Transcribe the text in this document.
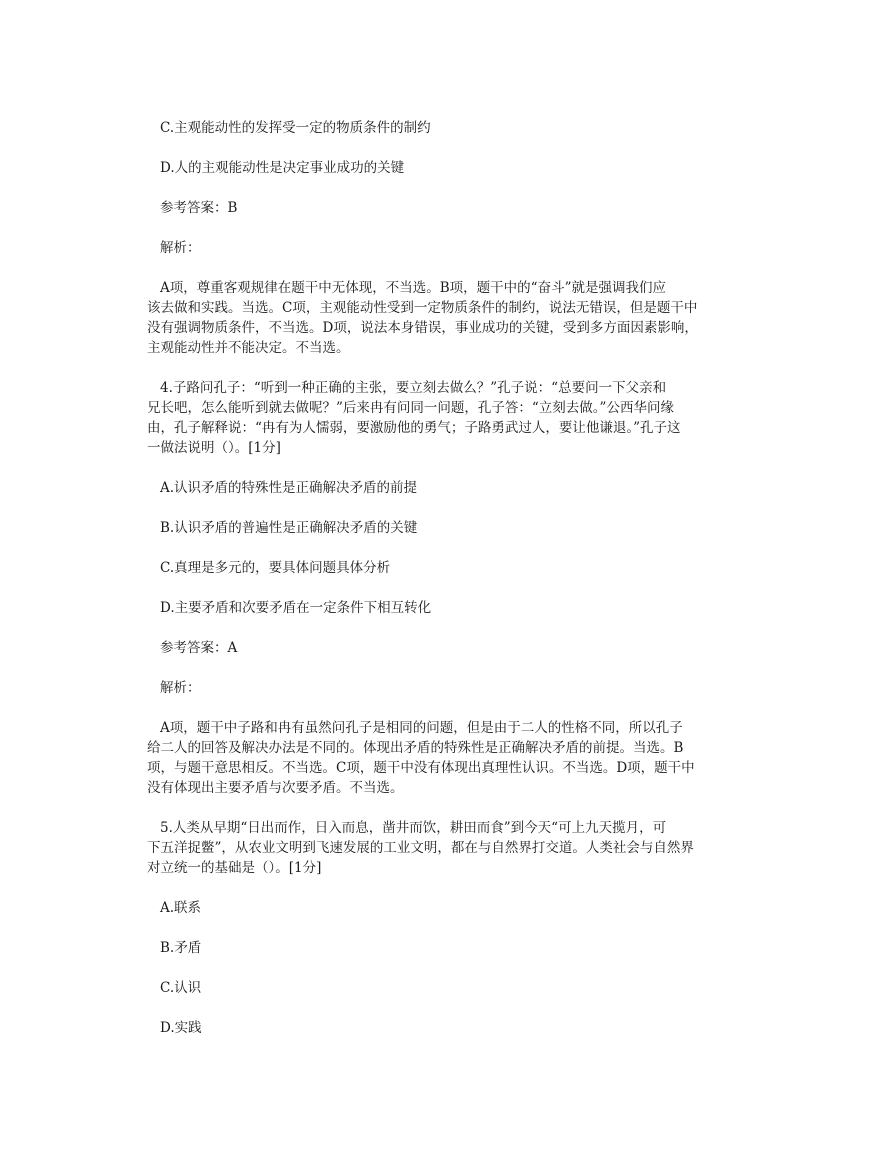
C.主观能动性的发挥受一定的物质条件的制约
D.人的主观能动性是决定事业成功的关键
参考答案：B
解析：
A项，尊重客观规律在题干中无体现，不当选。B项，题干中的“奋斗”就是强调我们应
该去做和实践。当选。C项，主观能动性受到一定物质条件的制约，说法无错误，但是题干中
没有强调物质条件，不当选。D项，说法本身错误，事业成功的关键，受到多方面因素影响，
主观能动性并不能决定。不当选。
4.子路问孔子：“听到一种正确的主张，要立刻去做么？”孔子说：“总要问一下父亲和
兄长吧，怎么能听到就去做呢？”后来冉有问同一问题，孔子答：“立刻去做。”公西华问缘
由，孔子解释说：“冉有为人懦弱，要激励他的勇气；子路勇武过人，要让他谦退。”孔子这
一做法说明（）。[1分]
A.认识矛盾的特殊性是正确解决矛盾的前提
B.认识矛盾的普遍性是正确解决矛盾的关键
C.真理是多元的，要具体问题具体分析
D.主要矛盾和次要矛盾在一定条件下相互转化
参考答案：A
解析：
A项，题干中子路和冉有虽然问孔子是相同的问题，但是由于二人的性格不同，所以孔子
给二人的回答及解决办法是不同的。体现出矛盾的特殊性是正确解决矛盾的前提。当选。B
项，与题干意思相反。不当选。C项，题干中没有体现出真理性认识。不当选。D项，题干中
没有体现出主要矛盾与次要矛盾。不当选。
5.人类从早期“日出而作，日入而息，凿井而饮，耕田而食”到今天“可上九天揽月，可
下五洋捉鳖”，从农业文明到飞速发展的工业文明，都在与自然界打交道。人类社会与自然界
对立统一的基础是（）。[1分]
A.联系
B.矛盾
C.认识
D.实践
